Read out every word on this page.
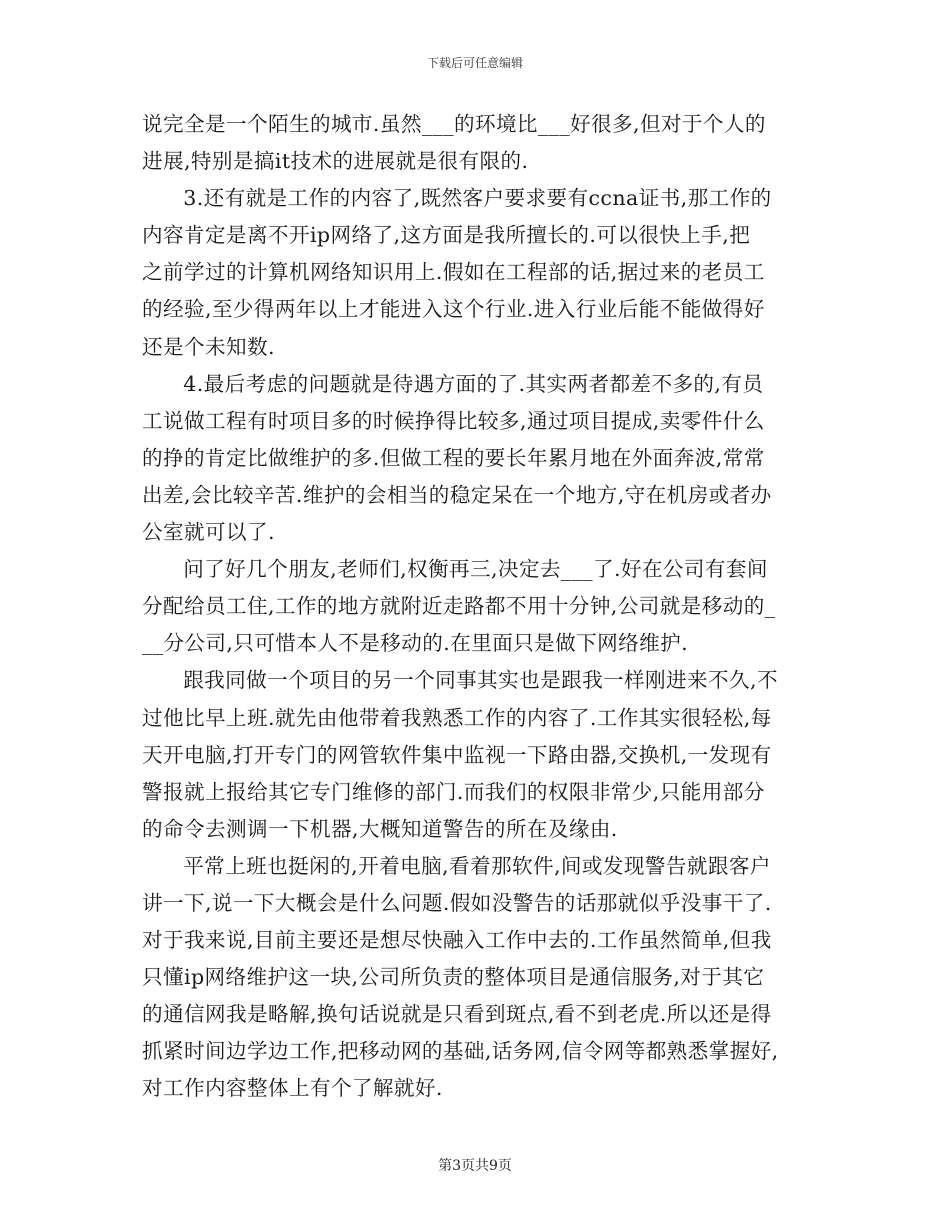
下载后可任意编辑

说完全是一个陌生的城市.虽然___的环境比___好很多,但对于个人的
进展,特别是搞it技术的进展就是很有限的.

3.还有就是工作的内容了,既然客户要求要有ccna证书,那工作的
内容肯定是离不开ip网络了,这方面是我所擅长的.可以很快上手,把
之前学过的计算机网络知识用上.假如在工程部的话,据过来的老员工
的经验,至少得两年以上才能进入这个行业.进入行业后能不能做得好
还是个未知数.

4.最后考虑的问题就是待遇方面的了.其实两者都差不多的,有员
工说做工程有时项目多的时候挣得比较多,通过项目提成,卖零件什么
的挣的肯定比做维护的多.但做工程的要长年累月地在外面奔波,常常
出差,会比较辛苦.维护的会相当的稳定呆在一个地方,守在机房或者办
公室就可以了.

问了好几个朋友,老师们,权衡再三,决定去___了.好在公司有套间
分配给员工住,工作的地方就附近走路都不用十分钟,公司就是移动的_
__分公司,只可惜本人不是移动的.在里面只是做下网络维护.

跟我同做一个项目的另一个同事其实也是跟我一样刚进来不久,不
过他比早上班.就先由他带着我熟悉工作的内容了.工作其实很轻松,每
天开电脑,打开专门的网管软件集中监视一下路由器,交换机,一发现有
警报就上报给其它专门维修的部门.而我们的权限非常少,只能用部分
的命令去测调一下机器,大概知道警告的所在及缘由.

平常上班也挺闲的,开着电脑,看着那软件,间或发现警告就跟客户
讲一下,说一下大概会是什么问题.假如没警告的话那就似乎没事干了.
对于我来说,目前主要还是想尽快融入工作中去的.工作虽然简单,但我
只懂ip网络维护这一块,公司所负责的整体项目是通信服务,对于其它
的通信网我是略解,换句话说就是只看到斑点,看不到老虎.所以还是得
抓紧时间边学边工作,把移动网的基础,话务网,信令网等都熟悉掌握好,
对工作内容整体上有个了解就好.

第3页共9页
